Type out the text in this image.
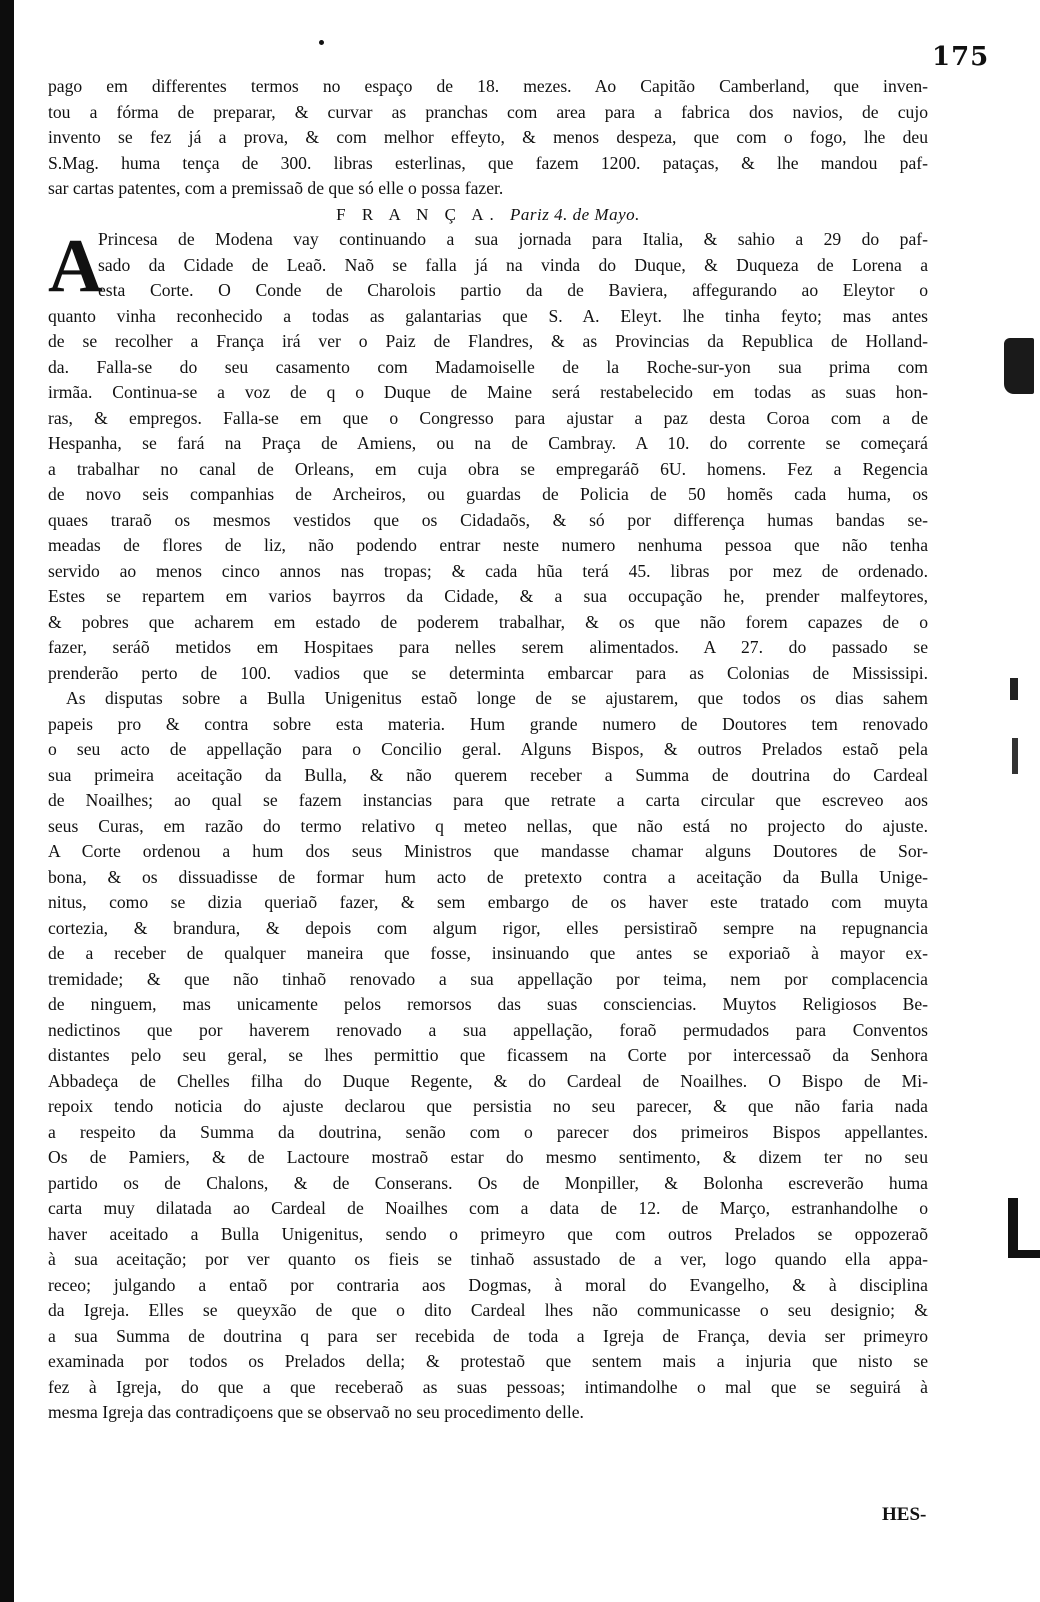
175
pago em differentes termos no espaço de 18. mezes. Ao Capitão Camberland, que inven-
tou a fórma de preparar, & curvar as pranchas com area para a fabrica dos navios, de cujo
invento se fez já a prova, & com melhor effeyto, & menos despeza, que com o fogo, lhe deu
S.Mag. huma tença de 300. libras esterlinas, que fazem 1200. pataças, & lhe mandou paf-
sar cartas patentes, com a premissaõ de que só elle o possa fazer.
F R A N Ç A. Pariz 4. de Mayo.
A
Princesa de Modena vay continuando a sua jornada para Italia, & sahio a 29 do paf-
sado da Cidade de Leaõ. Naõ se falla já na vinda do Duque, & Duqueza de Lorena a
esta Corte. O Conde de Charolois partio da de Baviera, affegurando ao Eleytor o
quanto vinha reconhecido a todas as galantarias que S. A. Eleyt. lhe tinha feyto; mas antes
de se recolher a França irá ver o Paiz de Flandres, & as Provincias da Republica de Holland-
da. Falla-se do seu casamento com Madamoiselle de la Roche-sur-yon sua prima com
irmãa. Continua-se a voz de q o Duque de Maine será restabelecido em todas as suas hon-
ras, & empregos. Falla-se em que o Congresso para ajustar a paz desta Coroa com a de
Hespanha, se fará na Praça de Amiens, ou na de Cambray. A 10. do corrente se começará
a trabalhar no canal de Orleans, em cuja obra se empregaráõ 6U. homens. Fez a Regencia
de novo seis companhias de Archeiros, ou guardas de Policia de 50 homẽs cada huma, os
quaes traraõ os mesmos vestidos que os Cidadaõs, & só por differença humas bandas se-
meadas de flores de liz, não podendo entrar neste numero nenhuma pessoa que não tenha
servido ao menos cinco annos nas tropas; & cada hũa terá 45. libras por mez de ordenado.
Estes se repartem em varios bayrros da Cidade, & a sua occupação he, prender malfeytores,
& pobres que acharem em estado de poderem trabalhar, & os que não forem capazes de o
fazer, seráõ metidos em Hospitaes para nelles serem alimentados. A 27. do passado se
prenderão perto de 100. vadios que se determinta embarcar para as Colonias de Mississipi.
As disputas sobre a Bulla Unigenitus estaõ longe de se ajustarem, que todos os dias sahem
papeis pro & contra sobre esta materia. Hum grande numero de Doutores tem renovado
o seu acto de appellação para o Concilio geral. Alguns Bispos, & outros Prelados estaõ pela
sua primeira aceitação da Bulla, & não querem receber a Summa de doutrina do Cardeal
de Noailhes; ao qual se fazem instancias para que retrate a carta circular que escreveo aos
seus Curas, em razão do termo relativo q meteo nellas, que não está no projecto do ajuste.
A Corte ordenou a hum dos seus Ministros que mandasse chamar alguns Doutores de Sor-
bona, & os dissuadisse de formar hum acto de pretexto contra a aceitação da Bulla Unige-
nitus, como se dizia queriaõ fazer, & sem embargo de os haver este tratado com muyta
cortezia, & brandura, & depois com algum rigor, elles persistiraõ sempre na repugnancia
de a receber de qualquer maneira que fosse, insinuando que antes se exporiaõ à mayor ex-
tremidade; & que não tinhaõ renovado a sua appellação por teima, nem por complacencia
de ninguem, mas unicamente pelos remorsos das suas consciencias. Muytos Religiosos Be-
nedictinos que por haverem renovado a sua appellação, foraõ permudados para Conventos
distantes pelo seu geral, se lhes permittio que ficassem na Corte por intercessaõ da Senhora
Abbadeça de Chelles filha do Duque Regente, & do Cardeal de Noailhes. O Bispo de Mi-
repoix tendo noticia do ajuste declarou que persistia no seu parecer, & que não faria nada
a respeito da Summa da doutrina, senão com o parecer dos primeiros Bispos appellantes.
Os de Pamiers, & de Lactoure mostraõ estar do mesmo sentimento, & dizem ter no seu
partido os de Chalons, & de Conserans. Os de Monpiller, & Bolonha escreverão huma
carta muy dilatada ao Cardeal de Noailhes com a data de 12. de Março, estranhandolhe o
haver aceitado a Bulla Unigenitus, sendo o primeyro que com outros Prelados se oppozeraõ
à sua aceitação; por ver quanto os fieis se tinhaõ assustado de a ver, logo quando ella appa-
receo; julgando a entaõ por contraria aos Dogmas, à moral do Evangelho, & à disciplina
da Igreja. Elles se queyxão de que o dito Cardeal lhes não communicasse o seu designio; &
a sua Summa de doutrina q para ser recebida de toda a Igreja de França, devia ser primeyro
examinada por todos os Prelados della; & protestaõ que sentem mais a injuria que nisto se
fez à Igreja, do que a que receberaõ as suas pessoas; intimandolhe o mal que se seguirá à
mesma Igreja das contradiçoens que se observaõ no seu procedimento delle.
HES-
